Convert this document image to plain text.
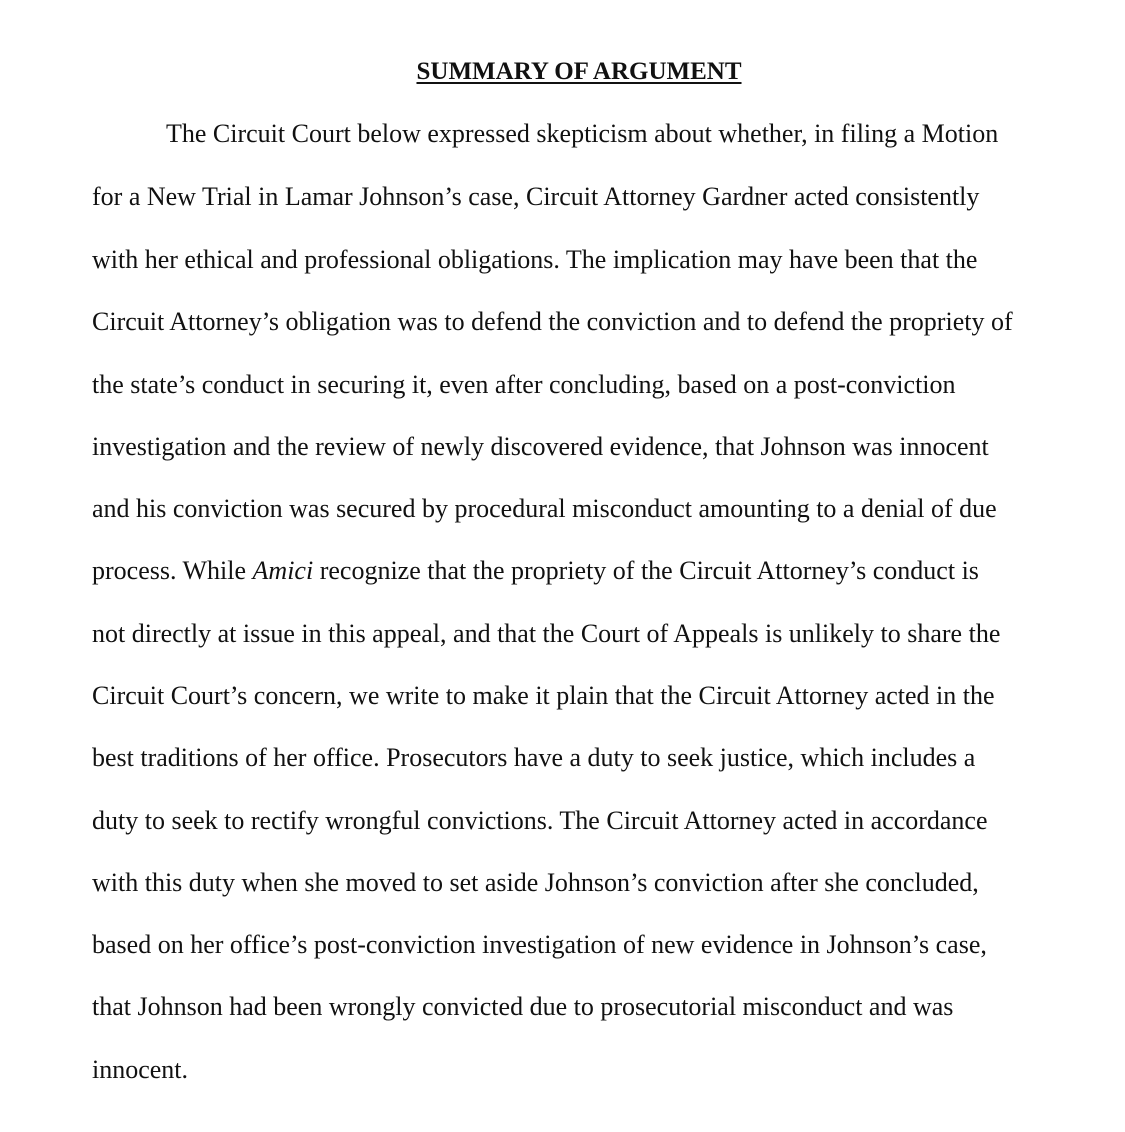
SUMMARY OF ARGUMENT
The Circuit Court below expressed skepticism about whether, in filing a Motion
for a New Trial in Lamar Johnson’s case, Circuit Attorney Gardner acted consistently
with her ethical and professional obligations. The implication may have been that the
Circuit Attorney’s obligation was to defend the conviction and to defend the propriety of
the state’s conduct in securing it, even after concluding, based on a post-conviction
investigation and the review of newly discovered evidence, that Johnson was innocent
and his conviction was secured by procedural misconduct amounting to a denial of due
process. While Amici recognize that the propriety of the Circuit Attorney’s conduct is
not directly at issue in this appeal, and that the Court of Appeals is unlikely to share the
Circuit Court’s concern, we write to make it plain that the Circuit Attorney acted in the
best traditions of her office. Prosecutors have a duty to seek justice, which includes a
duty to seek to rectify wrongful convictions. The Circuit Attorney acted in accordance
with this duty when she moved to set aside Johnson’s conviction after she concluded,
based on her office’s post-conviction investigation of new evidence in Johnson’s case,
that Johnson had been wrongly convicted due to prosecutorial misconduct and was
innocent.
